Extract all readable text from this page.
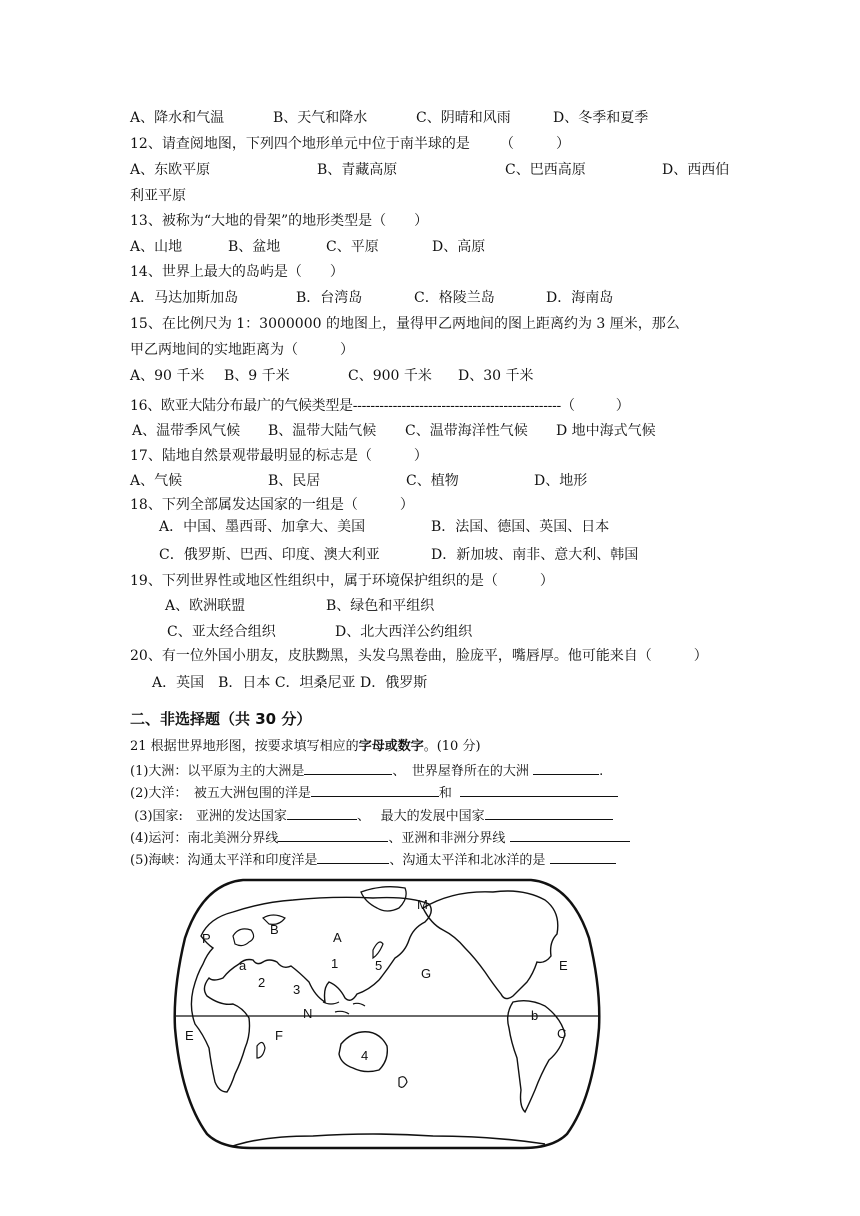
A、降水和气温	B、天气和降水	C、阴晴和风雨	D、冬季和夏季
12、请查阅地图，下列四个地形单元中位于南半球的是 （　　　）
A、东欧平原	B、青藏高原	C、巴西高原	D、西西伯
利亚平原
13、被称为“大地的骨架”的地形类型是（　　）
A、山地	B、盆地	C、平原	D、高原
14、世界上最大的岛屿是（　　）
A．马达加斯加岛	B．台湾岛	C．格陵兰岛	D．海南岛
15、在比例尺为 1：3000000 的地图上，量得甲乙两地间的图上距离约为 3 厘米，那么
甲乙两地间的实地距离为（　　　）
A、90 千米 B、9 千米	C、900 千米 D、30 千米
16、欧亚大陆分布最广的气候类型是-----------------------------------------------（　　　）
A、温带季风气候 B、温带大陆气候 C、温带海洋性气候 D 地中海式气候
17、陆地自然景观带最明显的标志是（　　　）
A、气候	B、民居	C、植物	D、地形
18、下列全部属发达国家的一组是（　　　）
A．中国、墨西哥、加拿大、美国	B．法国、德国、英国、日本
C．俄罗斯、巴西、印度、澳大利亚	D．新加坡、南非、意大利、韩国
19、下列世界性或地区性组织中，属于环境保护组织的是（　　　）
A、欧洲联盟	B、绿色和平组织
C、亚太经合组织	D、北大西洋公约组织
20、有一位外国小朋友，皮肤黝黑，头发乌黑卷曲，脸庞平，嘴唇厚。他可能来自（　　　）
A．英国　B．日本 C．坦桑尼亚 D．俄罗斯
二、非选择题（共 30 分）
21 根据世界地形图，按要求填写相应的字母或数字。(10 分)
(1)大洲：以平原为主的大洲是	、　世界屋脊所在的大洲	.
(2)大洋：　被五大洲包围的洋是	和
(3)国家:　亚洲的发达国家	、　 最大的发展中国家
(4)运河：南北美洲分界线	、亚洲和非洲分界线
(5)海峡：沟通太平洋和印度洋是	、沟通太平洋和北冰洋的是
M
B
A
P
a	1	5
2
G
E
3
N	b
E	F	C
4
